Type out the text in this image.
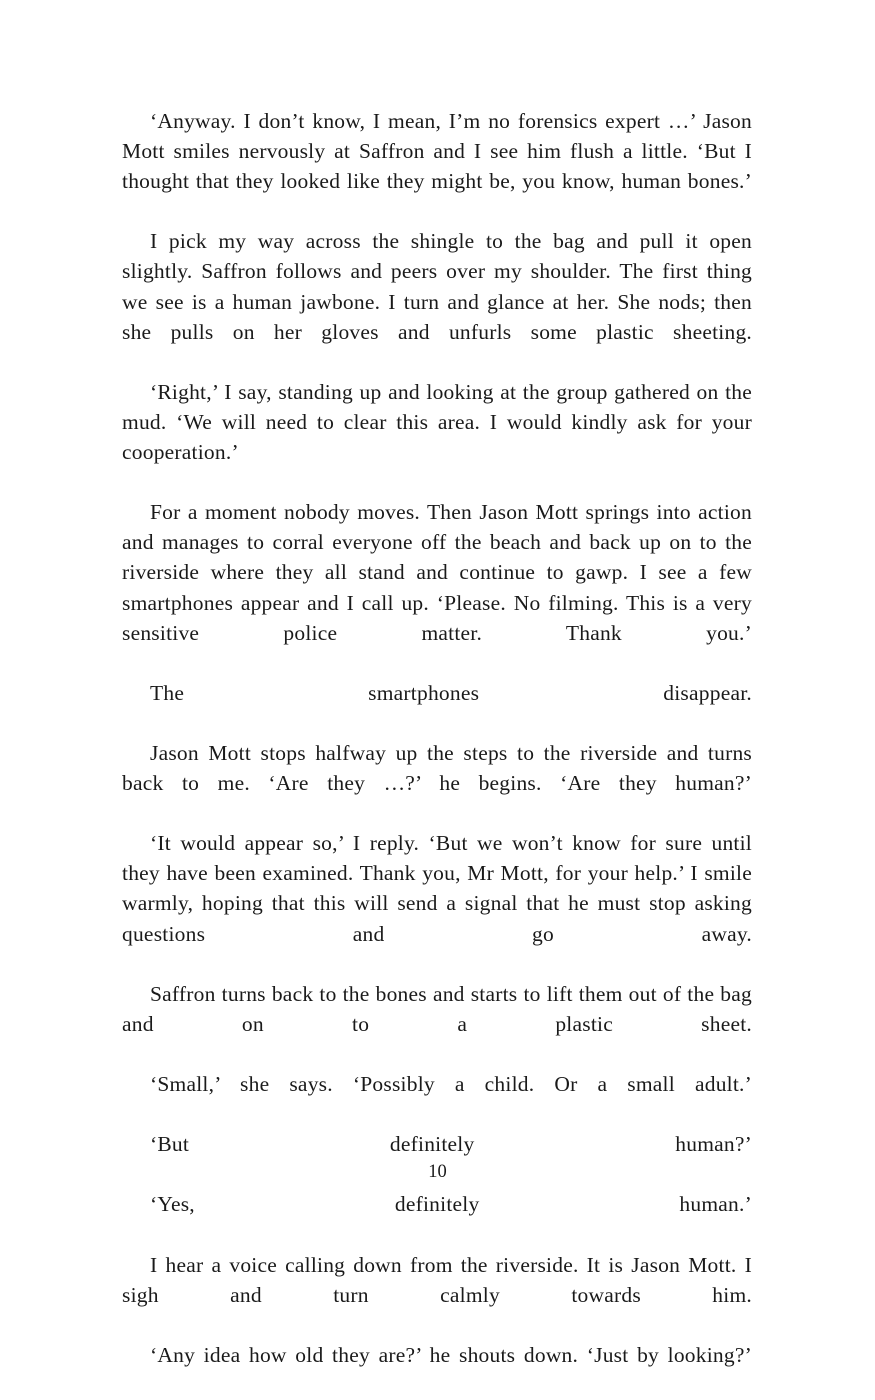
‘Anyway. I don’t know, I mean, I’m no forensics expert …’ Jason Mott smiles nervously at Saffron and I see him flush a little. ‘But I thought that they looked like they might be, you know, human bones.’

I pick my way across the shingle to the bag and pull it open slightly. Saffron follows and peers over my shoulder. The first thing we see is a human jawbone. I turn and glance at her. She nods; then she pulls on her gloves and unfurls some plastic sheeting.

‘Right,’ I say, standing up and looking at the group gathered on the mud. ‘We will need to clear this area. I would kindly ask for your cooperation.’

For a moment nobody moves. Then Jason Mott springs into action and manages to corral everyone off the beach and back up on to the riverside where they all stand and continue to gawp. I see a few smartphones appear and I call up. ‘Please. No filming. This is a very sensitive police matter. Thank you.’

The smartphones disappear.

Jason Mott stops halfway up the steps to the riverside and turns back to me. ‘Are they …?’ he begins. ‘Are they human?’

‘It would appear so,’ I reply. ‘But we won’t know for sure until they have been examined. Thank you, Mr Mott, for your help.’ I smile warmly, hoping that this will send a signal that he must stop asking questions and go away.

Saffron turns back to the bones and starts to lift them out of the bag and on to a plastic sheet.

‘Small,’ she says. ‘Possibly a child. Or a small adult.’

‘But definitely human?’

‘Yes, definitely human.’

I hear a voice calling down from the riverside. It is Jason Mott. I sigh and turn calmly towards him.

‘Any idea how old they are?’ he shouts down. ‘Just by looking?’

10
